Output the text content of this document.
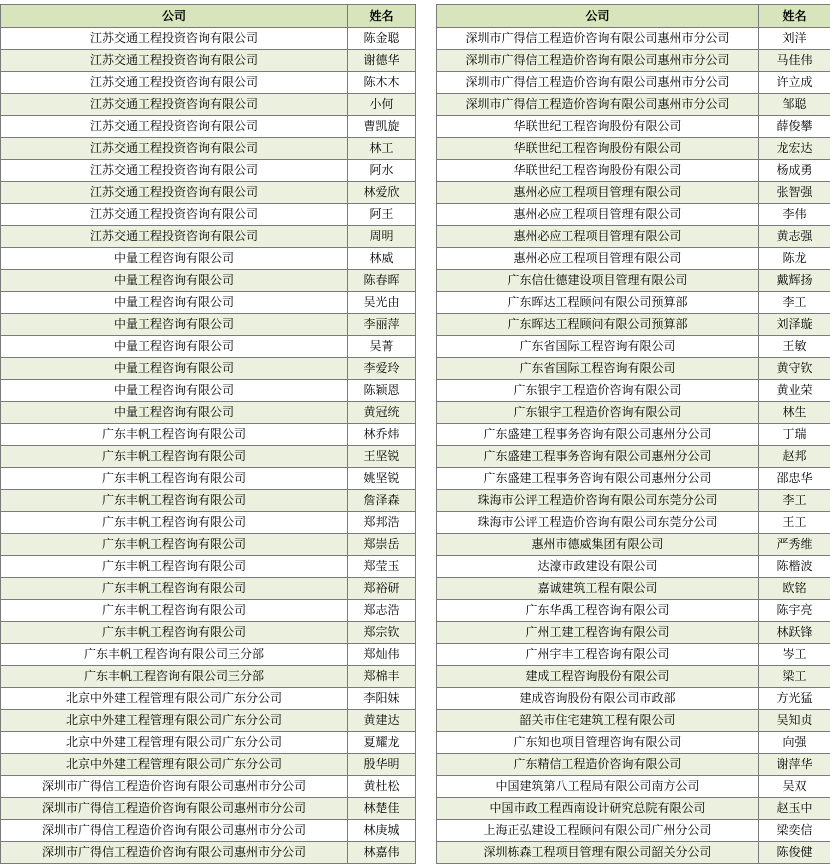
公司	姓名
江苏交通工程投资咨询有限公司	陈金聪
江苏交通工程投资咨询有限公司	谢德华
江苏交通工程投资咨询有限公司	陈木木
江苏交通工程投资咨询有限公司	小何
江苏交通工程投资咨询有限公司	曹凯旋
江苏交通工程投资咨询有限公司	林工
江苏交通工程投资咨询有限公司	阿水
江苏交通工程投资咨询有限公司	林爱欣
江苏交通工程投资咨询有限公司	阿王
江苏交通工程投资咨询有限公司	周明
中量工程咨询有限公司	林威
中量工程咨询有限公司	陈春晖
中量工程咨询有限公司	吴光由
中量工程咨询有限公司	李丽萍
中量工程咨询有限公司	吴菁
中量工程咨询有限公司	李爱玲
中量工程咨询有限公司	陈颖恩
中量工程咨询有限公司	黄冠统
广东丰帆工程咨询有限公司	林乔炜
广东丰帆工程咨询有限公司	王坚锐
广东丰帆工程咨询有限公司	姚坚锐
广东丰帆工程咨询有限公司	詹泽森
广东丰帆工程咨询有限公司	郑邦浩
广东丰帆工程咨询有限公司	郑崇岳
广东丰帆工程咨询有限公司	郑莹玉
广东丰帆工程咨询有限公司	郑裕研
广东丰帆工程咨询有限公司	郑志浩
广东丰帆工程咨询有限公司	郑宗钦
广东丰帆工程咨询有限公司三分部	郑灿伟
广东丰帆工程咨询有限公司三分部	郑棉丰
北京中外建工程管理有限公司广东分公司	李阳妹
北京中外建工程管理有限公司广东分公司	黄建达
北京中外建工程管理有限公司广东分公司	夏耀龙
北京中外建工程管理有限公司广东分公司	殷华明
深圳市广得信工程造价咨询有限公司惠州市分公司	黄杜松
深圳市广得信工程造价咨询有限公司惠州市分公司	林楚佳
深圳市广得信工程造价咨询有限公司惠州市分公司	林庚城
深圳市广得信工程造价咨询有限公司惠州市分公司	林嘉伟
公司	姓名
深圳市广得信工程造价咨询有限公司惠州市分公司	刘洋
深圳市广得信工程造价咨询有限公司惠州市分公司	马佳伟
深圳市广得信工程造价咨询有限公司惠州市分公司	许立成
深圳市广得信工程造价咨询有限公司惠州市分公司	邹聪
华联世纪工程咨询股份有限公司	薛俊攀
华联世纪工程咨询股份有限公司	龙宏达
华联世纪工程咨询股份有限公司	杨成勇
惠州必应工程项目管理有限公司	张智强
惠州必应工程项目管理有限公司	李伟
惠州必应工程项目管理有限公司	黄志强
惠州必应工程项目管理有限公司	陈龙
广东信仕德建设项目管理有限公司	戴辉扬
广东晖达工程顾问有限公司预算部	李工
广东晖达工程顾问有限公司预算部	刘泽璇
广东省国际工程咨询有限公司	王敏
广东省国际工程咨询有限公司	黄守钦
广东银宇工程造价咨询有限公司	黄业荣
广东银宇工程造价咨询有限公司	林生
广东盛建工程事务咨询有限公司惠州分公司	丁瑞
广东盛建工程事务咨询有限公司惠州分公司	赵邦
广东盛建工程事务咨询有限公司惠州分公司	邵忠华
珠海市公评工程造价咨询有限公司东莞分公司	李工
珠海市公评工程造价咨询有限公司东莞分公司	王工
惠州市德威集团有限公司	严秀维
达濠市政建设有限公司	陈楷波
嘉诚建筑工程有限公司	欧铭
广东华禹工程咨询有限公司	陈宇亮
广州工建工程咨询有限公司	林跃锋
广州宇丰工程咨询有限公司	岑工
建成工程咨询股份有限公司	梁工
建成咨询股份有限公司市政部	方光猛
韶关市住宅建筑工程有限公司	吴知贞
广东知也项目管理咨询有限公司	向强
广东精信工程造价咨询有限公司	谢萍华
中国建筑第八工程局有限公司南方公司	吴双
中国市政工程西南设计研究总院有限公司	赵玉中
上海正弘建设工程顾问有限公司广州分公司	梁奕信
深圳栋森工程项目管理有限公司韶关分公司	陈俊健
